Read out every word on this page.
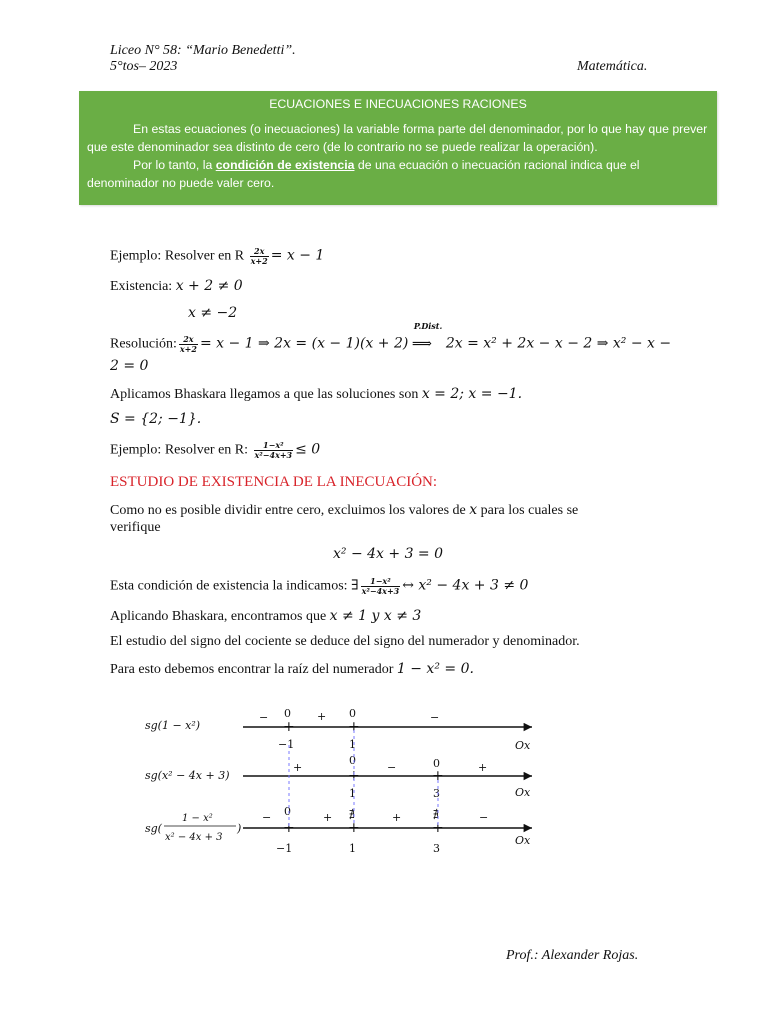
Liceo N° 58: “Mario Benedetti”.
5°tos– 2023	Matemática.
ECUACIONES E INECUACIONES RACIONES

En estas ecuaciones (o inecuaciones) la variable forma parte del denominador, por lo que hay que prever que este denominador sea distinto de cero (de lo contrario no se puede realizar la operación).

Por lo tanto, la condición de existencia de una ecuación o inecuación racional indica que el denominador no puede valer cero.

Ejemplo: Resolver en R $\frac{2x}{x+2} = x - 1$
Existencia: x + 2 ≠ 0
x ≠ −2
Resolución: $\frac{2x}{x+2} = x - 1$ ⇒ 2x = (x − 1)(x + 2)
P.Dist.
⟹ 2x = x² + 2x − x − 2 ⇒ x² − x −
2 = 0
Aplicamos Bhaskara llegamos a que las soluciones son x = 2; x = −1.
S = {2; −1}.
Ejemplo: Resolver en R: $\frac{\text{1−x²}}{\text{x²−4x+3}} \le 0$
ESTUDIO DE EXISTENCIA DE LA INECUACIÓN:
Como no es posible dividir entre cero, excluimos los valores de x para los cuales se
verifique
x² − 4x + 3 = 0
Esta condición de existencia la indicamos: ∃ $\frac{\text{1−x²}}{\text{x²−4x+3}}$ ↔ x² − 4x + 3 ≠ 0
Aplicando Bhaskara, encontramos que x ≠ 1 y x ≠ 3
El estudio del signo del cociente se deduce del signo del numerador y denominador.
Para esto debemos encontrar la raíz del numerador 1 − x² = 0.
sg(1 − x²)
Ox
− 0 + 0	−
+	+
−1	1
sg(x² − 4x + 3)
Ox
+
0
−	0	+
+	+
1	3
sg(
1 − x²
x² − 4x + 3
)
Ox
− 0	+ ∄	+	∄	−
+	+	+
−1	1	3
Prof.: Alexander Rojas.
